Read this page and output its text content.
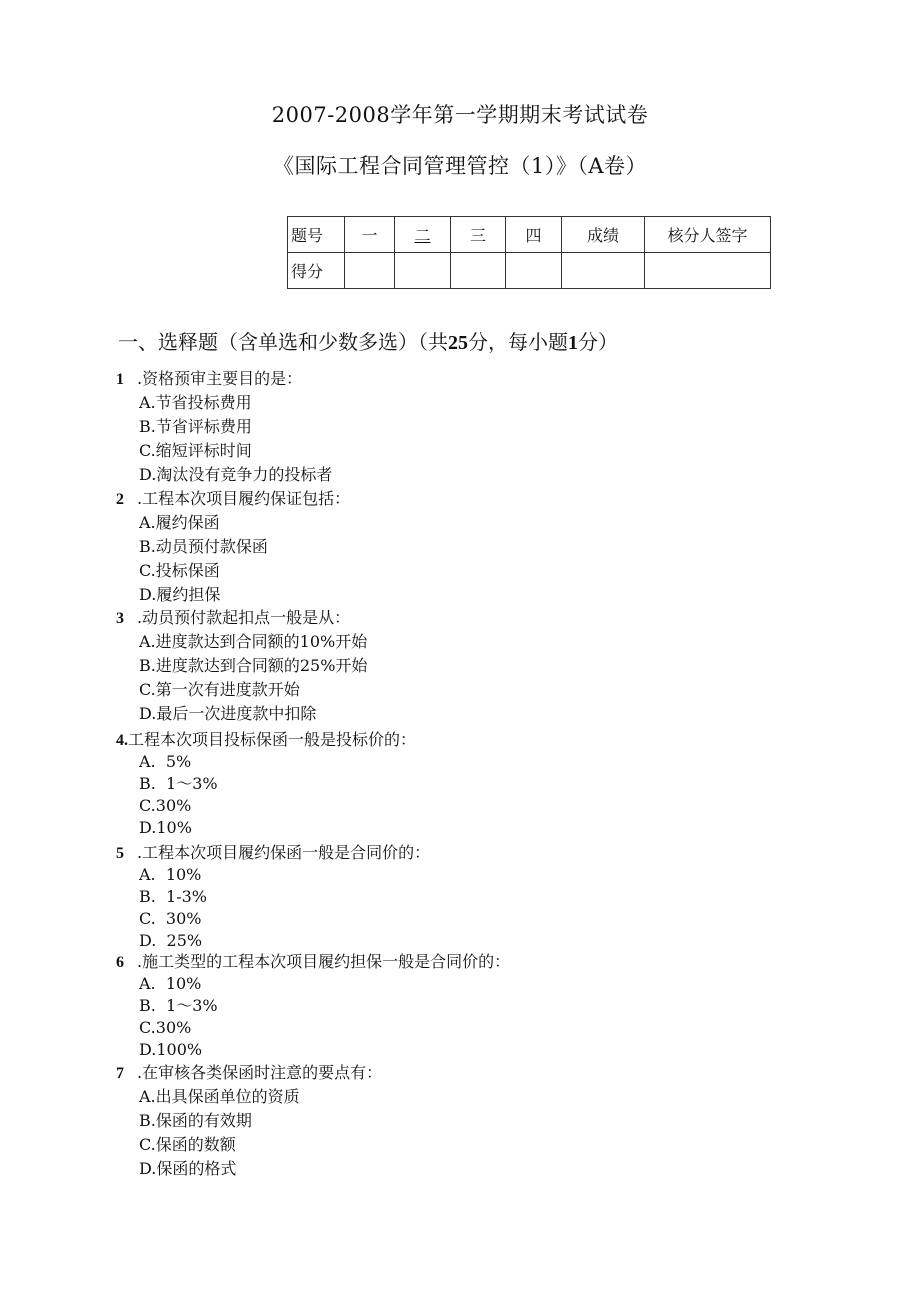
2007-2008学年第一学期期末考试试卷
《国际工程合同管理管控（1）》（A卷）
题号	一	二	三	四	成绩	核分人签字
得分						
一、选释题（含单选和少数多选）（共25分，每小题1分）
1 .资格预审主要目的是：
A.节省投标费用
B.节省评标费用
C.缩短评标时间
D.淘汰没有竞争力的投标者
2 .工程本次项目履约保证包括：
A.履约保函
B.动员预付款保函
C.投标保函
D.履约担保
3 .动员预付款起扣点一般是从：
A.进度款达到合同额的10%开始
B.进度款达到合同额的25%开始
C.第一次有进度款开始
D.最后一次进度款中扣除
4. 工程本次项目投标保函一般是投标价的：
A.  5%
B.  1～3%
C.30%
D.10%
5 .工程本次项目履约保函一般是合同价的：
A.  10%
B.  1-3%
C.  30%
D.  25%
6 .施工类型的工程本次项目履约担保一般是合同价的：
A.  10%
B.  1～3%
C.30%
D.100%
7 .在审核各类保函时注意的要点有：
A.出具保函单位的资质
B.保函的有效期
C.保函的数额
D.保函的格式
